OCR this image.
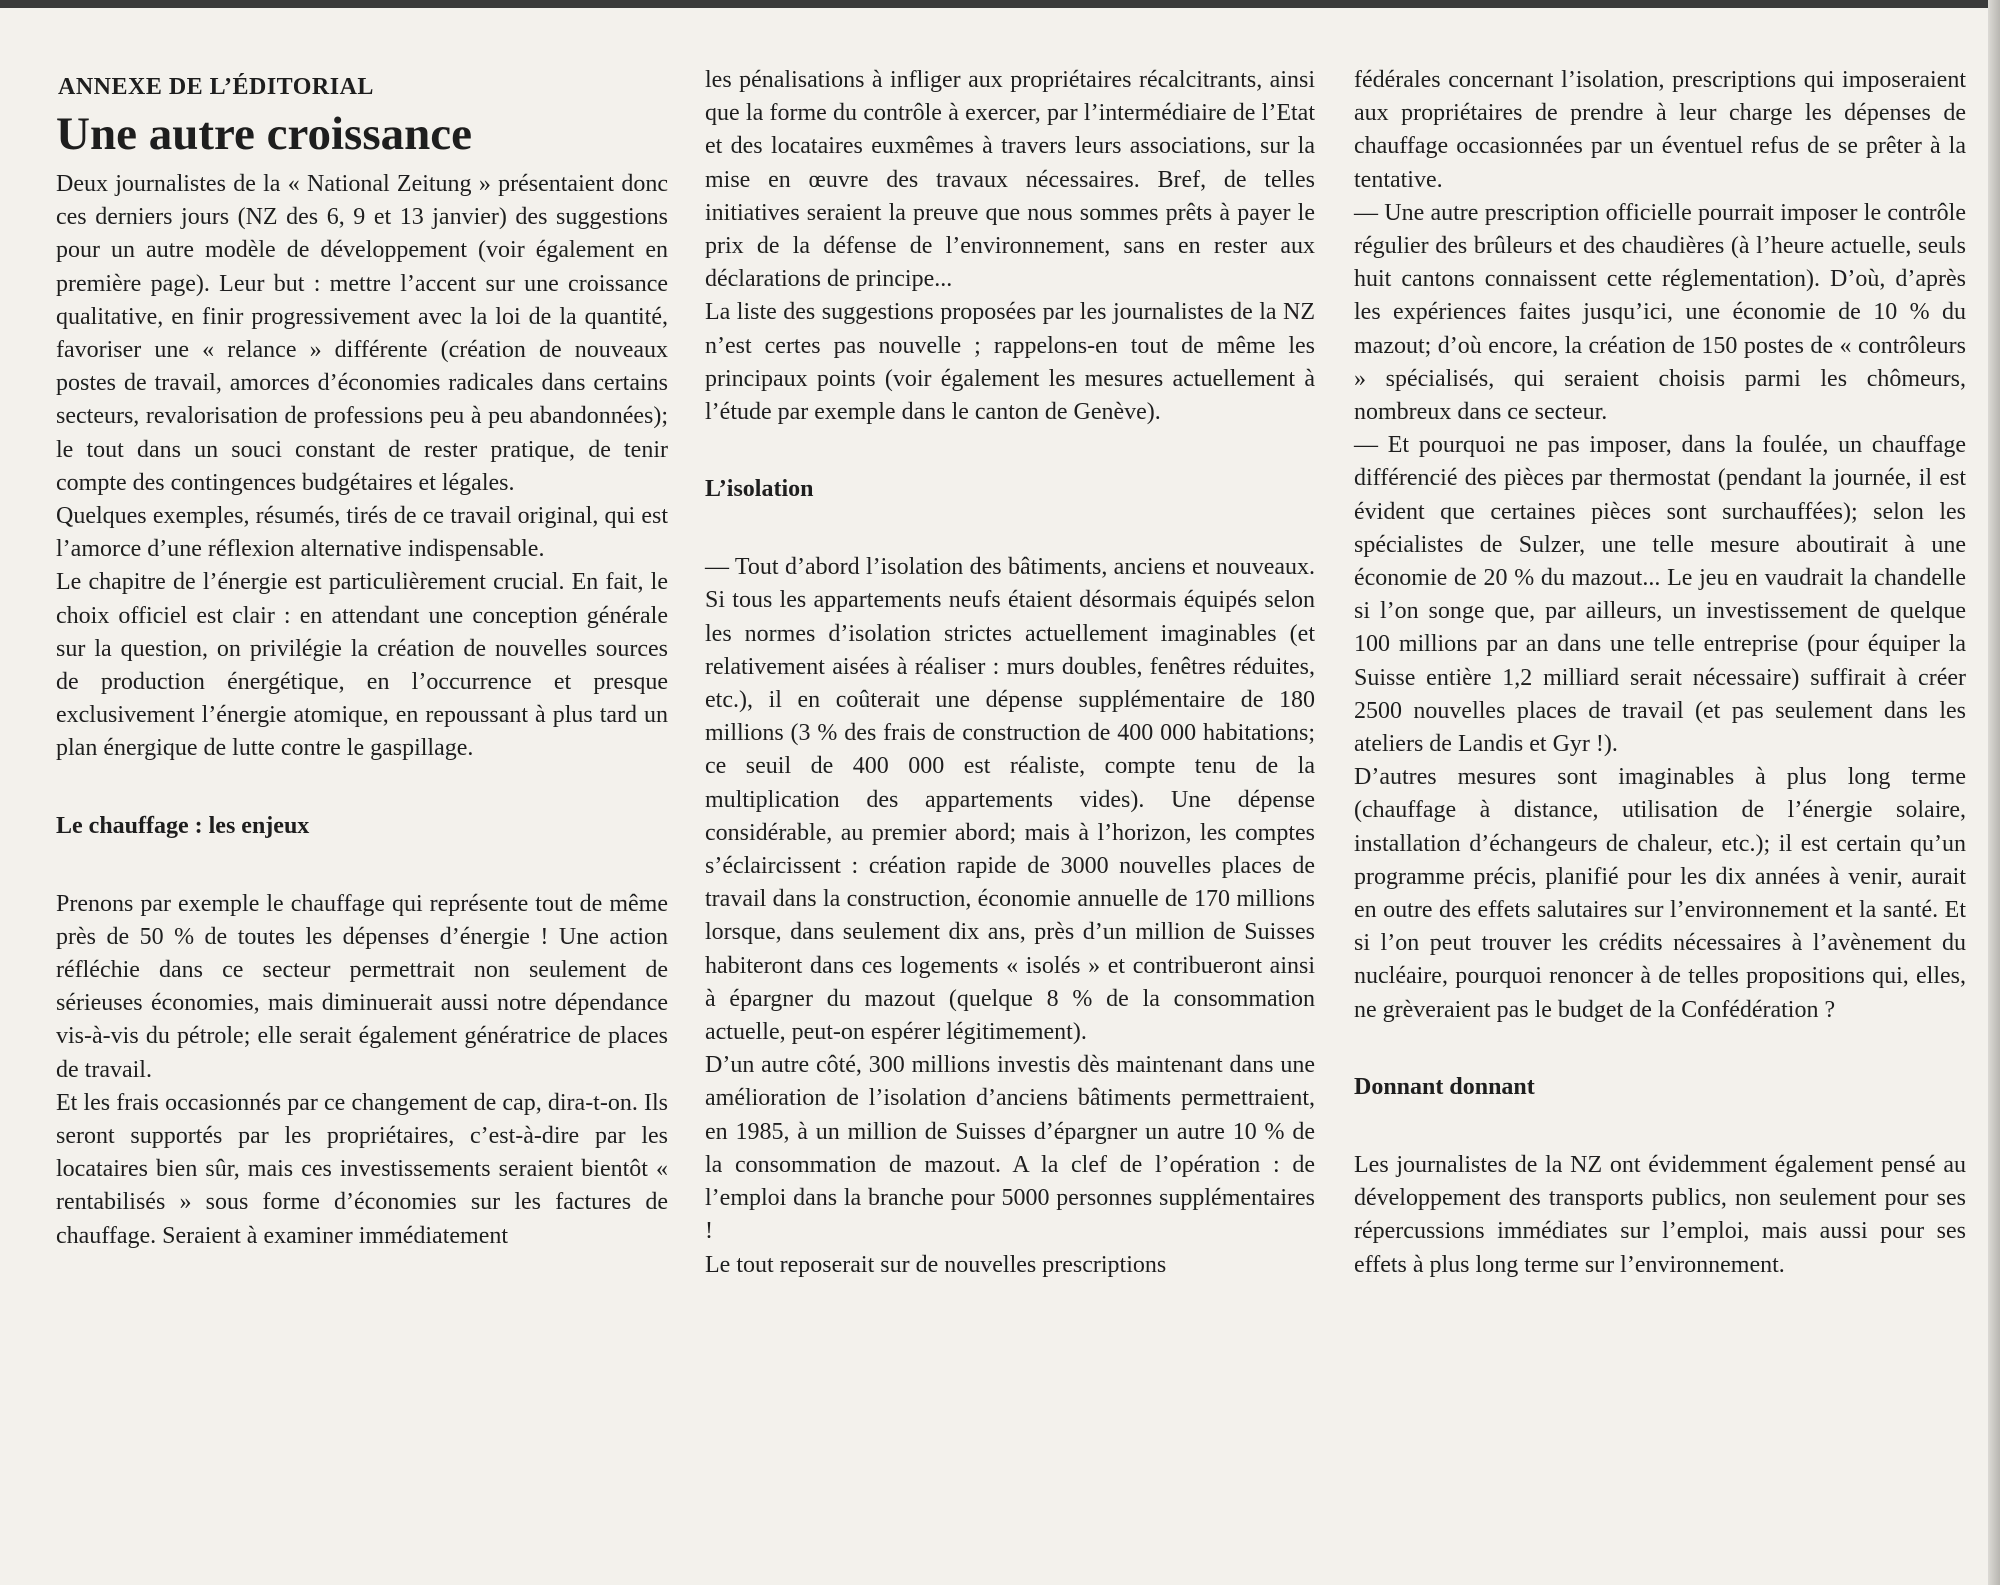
ANNEXE DE L’ÉDITORIAL
Une autre croissance

Deux journalistes de la « National Zeitung » présentaient donc ces derniers jours (NZ des 6, 9 et 13 janvier) des suggestions pour un autre modèle de développement (voir également en première page). Leur but : mettre l’accent sur une croissance qualitative, en finir progressivement avec la loi de la quantité, favoriser une « relance » différente (création de nouveaux postes de travail, amorces d’économies radicales dans certains secteurs, revalorisation de professions peu à peu abandonnées); le tout dans un souci constant de rester pratique, de tenir compte des contingences budgétaires et légales.

Quelques exemples, résumés, tirés de ce travail original, qui est l’amorce d’une réflexion alternative indispensable.

Le chapitre de l’énergie est particulièrement crucial. En fait, le choix officiel est clair : en attendant une conception générale sur la question, on privilégie la création de nouvelles sources de production énergétique, en l’occurrence et presque exclusivement l’énergie atomique, en repoussant à plus tard un plan énergique de lutte contre le gaspillage.

Le chauffage : les enjeux

Prenons par exemple le chauffage qui représente tout de même près de 50 % de toutes les dépenses d’énergie ! Une action réfléchie dans ce secteur permettrait non seulement de sérieuses économies, mais diminuerait aussi notre dépendance vis-à-vis du pétrole; elle serait également génératrice de places de travail.

Et les frais occasionnés par ce changement de cap, dira-t-on. Ils seront supportés par les propriétaires, c’est-à-dire par les locataires bien sûr, mais ces investissements seraient bientôt « rentabilisés » sous forme d’économies sur les factures de chauffage. Seraient à examiner immédiatement

les pénalisations à infliger aux propriétaires récalcitrants, ainsi que la forme du contrôle à exercer, par l’intermédiaire de l’Etat et des locataires euxmêmes à travers leurs associations, sur la mise en œuvre des travaux nécessaires. Bref, de telles initiatives seraient la preuve que nous sommes prêts à payer le prix de la défense de l’environnement, sans en rester aux déclarations de principe...

La liste des suggestions proposées par les journalistes de la NZ n’est certes pas nouvelle ; rappelons-en tout de même les principaux points (voir également les mesures actuellement à l’étude par exemple dans le canton de Genève).

L’isolation

— Tout d’abord l’isolation des bâtiments, anciens et nouveaux. Si tous les appartements neufs étaient désormais équipés selon les normes d’isolation strictes actuellement imaginables (et relativement aisées à réaliser : murs doubles, fenêtres réduites, etc.), il en coûterait une dépense supplémentaire de 180 millions (3 % des frais de construction de 400 000 habitations; ce seuil de 400 000 est réaliste, compte tenu de la multiplication des appartements vides). Une dépense considérable, au premier abord; mais à l’horizon, les comptes s’éclaircissent : création rapide de 3000 nouvelles places de travail dans la construction, économie annuelle de 170 millions lorsque, dans seulement dix ans, près d’un million de Suisses habiteront dans ces logements « isolés » et contribueront ainsi à épargner du mazout (quelque 8 % de la consommation actuelle, peut-on espérer légitimement).

D’un autre côté, 300 millions investis dès maintenant dans une amélioration de l’isolation d’anciens bâtiments permettraient, en 1985, à un million de Suisses d’épargner un autre 10 % de la consommation de mazout. A la clef de l’opération : de l’emploi dans la branche pour 5000 personnes supplémentaires !

Le tout reposerait sur de nouvelles prescriptions

fédérales concernant l’isolation, prescriptions qui imposeraient aux propriétaires de prendre à leur charge les dépenses de chauffage occasionnées par un éventuel refus de se prêter à la tentative.

— Une autre prescription officielle pourrait imposer le contrôle régulier des brûleurs et des chaudières (à l’heure actuelle, seuls huit cantons connaissent cette réglementation). D’où, d’après les expériences faites jusqu’ici, une économie de 10 % du mazout; d’où encore, la création de 150 postes de « contrôleurs » spécialisés, qui seraient choisis parmi les chômeurs, nombreux dans ce secteur.

— Et pourquoi ne pas imposer, dans la foulée, un chauffage différencié des pièces par thermostat (pendant la journée, il est évident que certaines pièces sont surchauffées); selon les spécialistes de Sulzer, une telle mesure aboutirait à une économie de 20 % du mazout... Le jeu en vaudrait la chandelle si l’on songe que, par ailleurs, un investissement de quelque 100 millions par an dans une telle entreprise (pour équiper la Suisse entière 1,2 milliard serait nécessaire) suffirait à créer 2500 nouvelles places de travail (et pas seulement dans les ateliers de Landis et Gyr !).

D’autres mesures sont imaginables à plus long terme (chauffage à distance, utilisation de l’énergie solaire, installation d’échangeurs de chaleur, etc.); il est certain qu’un programme précis, planifié pour les dix années à venir, aurait en outre des effets salutaires sur l’environnement et la santé. Et si l’on peut trouver les crédits nécessaires à l’avènement du nucléaire, pourquoi renoncer à de telles propositions qui, elles, ne grèveraient pas le budget de la Confédération ?

Donnant donnant

Les journalistes de la NZ ont évidemment également pensé au développement des transports publics, non seulement pour ses répercussions immédiates sur l’emploi, mais aussi pour ses effets à plus long terme sur l’environnement.
